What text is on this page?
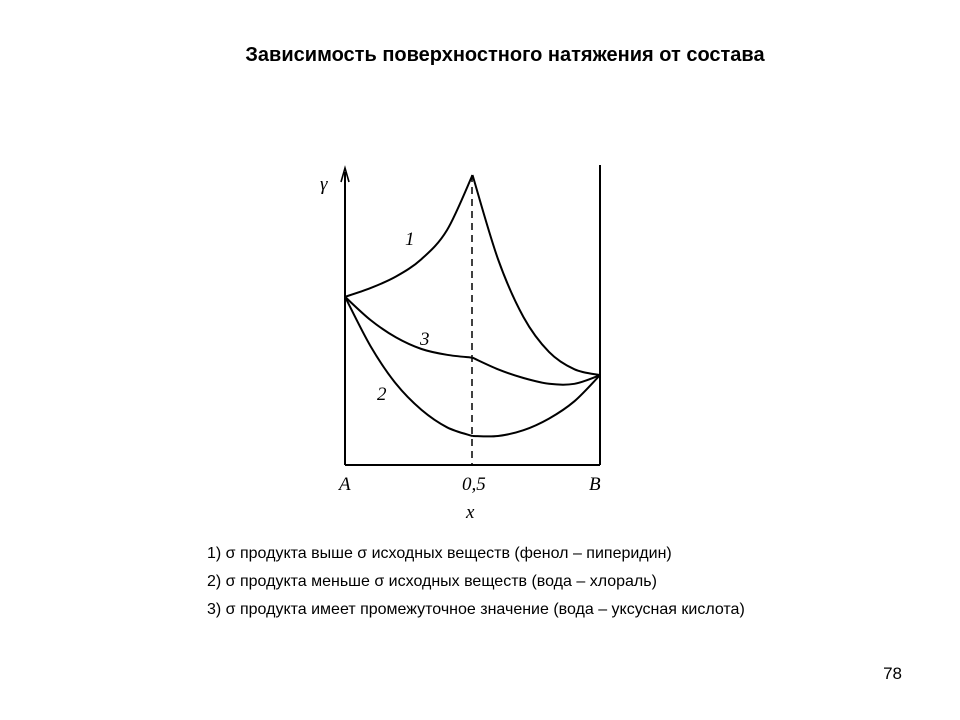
Зависимость поверхностного натяжения от состава
γ
A	0,5	B
x
1
2
3
1) σ продукта выше σ исходных веществ (фенол – пиперидин)
2) σ продукта меньше σ исходных веществ (вода – хлораль)
3) σ продукта имеет промежуточное значение (вода – уксусная кислота)
78
